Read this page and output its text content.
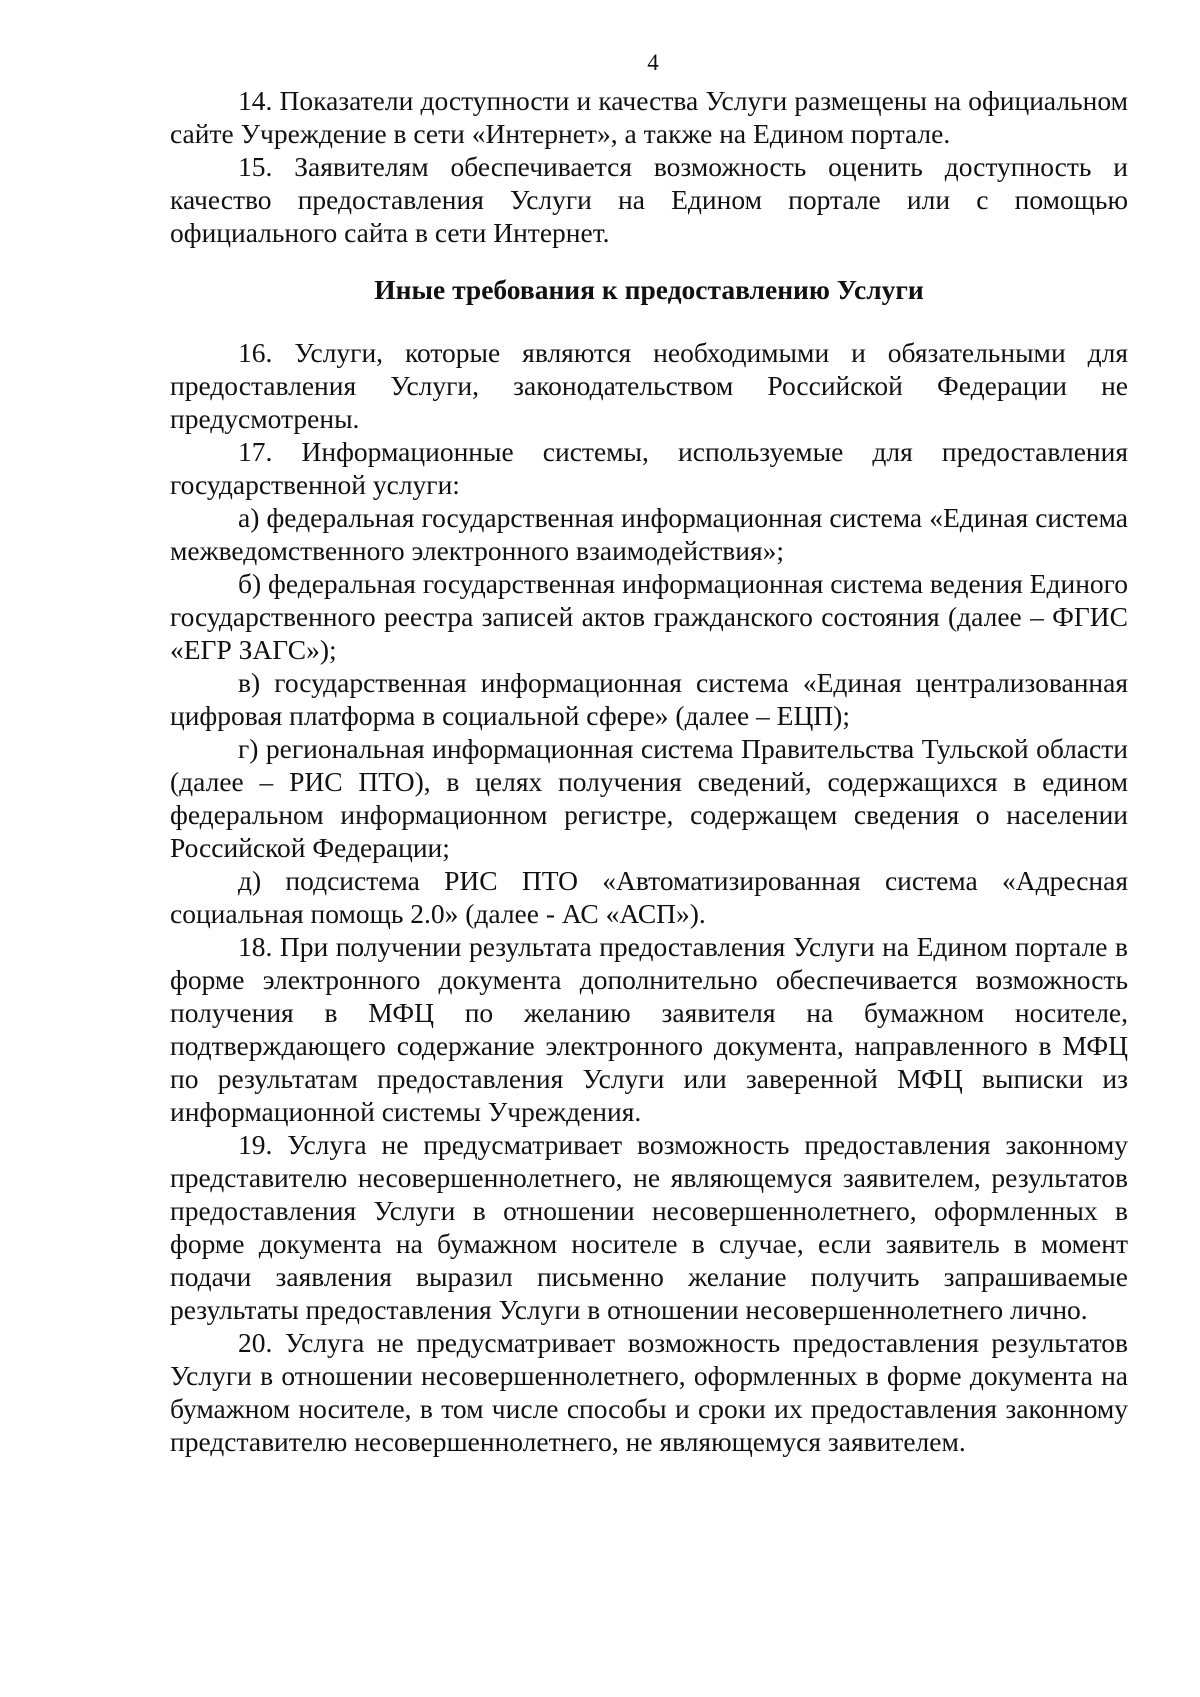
4

14. Показатели доступности и качества Услуги размещены на официальном сайте Учреждение в сети «Интернет», а также на Едином портале.

15. Заявителям обеспечивается возможность оценить доступность и качество предоставления Услуги на Едином портале или с помощью официального сайта в сети Интернет.

Иные требования к предоставлению Услуги

16. Услуги, которые являются необходимыми и обязательными для предоставления Услуги, законодательством Российской Федерации не предусмотрены.

17. Информационные системы, используемые для предоставления государственной услуги:

а) федеральная государственная информационная система «Единая система межведомственного электронного взаимодействия»;

б) федеральная государственная информационная система ведения Единого государственного реестра записей актов гражданского состояния (далее – ФГИС «ЕГР ЗАГС»);

в) государственная информационная система «Единая централизованная цифровая платформа в социальной сфере» (далее – ЕЦП);

г) региональная информационная система Правительства Тульской области (далее – РИС ПТО), в целях получения сведений, содержащихся в едином федеральном информационном регистре, содержащем сведения о населении Российской Федерации;

д) подсистема РИС ПТО «Автоматизированная система «Адресная социальная помощь 2.0» (далее - АС «АСП»).

18. При получении результата предоставления Услуги на Едином портале в форме электронного документа дополнительно обеспечивается возможность получения в МФЦ по желанию заявителя на бумажном носителе, подтверждающего содержание электронного документа, направленного в МФЦ по результатам предоставления Услуги или заверенной МФЦ выписки из информационной системы Учреждения.

19. Услуга не предусматривает возможность предоставления законному представителю несовершеннолетнего, не являющемуся заявителем, результатов предоставления Услуги в отношении несовершеннолетнего, оформленных в форме документа на бумажном носителе в случае, если заявитель в момент подачи заявления выразил письменно желание получить запрашиваемые результаты предоставления Услуги в отношении несовершеннолетнего лично.

20. Услуга не предусматривает возможность предоставления результатов Услуги в отношении несовершеннолетнего, оформленных в форме документа на бумажном носителе, в том числе способы и сроки их предоставления законному представителю несовершеннолетнего, не являющемуся заявителем.
